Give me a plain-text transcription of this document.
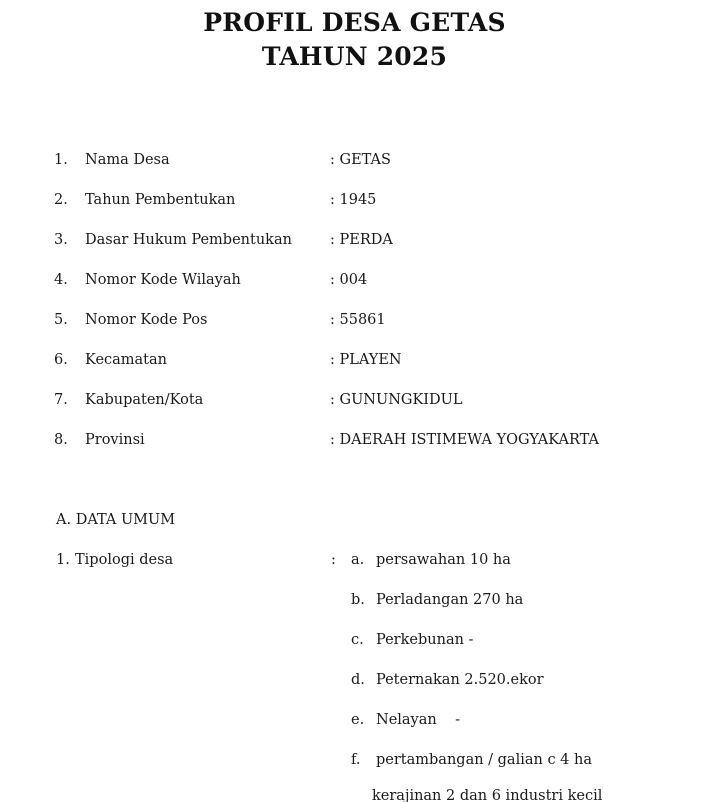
PROFIL DESA GETAS
TAHUN 2025
1. Nama Desa	: GETAS
2. Tahun Pembentukan	: 1945
3. Dasar Hukum Pembentukan	: PERDA
4. Nomor Kode Wilayah	: 004
5. Nomor Kode Pos	: 55861
6. Kecamatan	: PLAYEN
7. Kabupaten/Kota	: GUNUNGKIDUL
8. Provinsi	: DAERAH ISTIMEWA YOGYAKARTA
A. DATA UMUM
1. Tipologi desa	: a. persawahan 10 ha
b. Perladangan 270 ha
c. Perkebunan -
d. Peternakan 2.520.ekor
e. Nelayan    -
f. pertambangan / galian c 4 ha
kerajinan 2 dan 6 industri kecil
